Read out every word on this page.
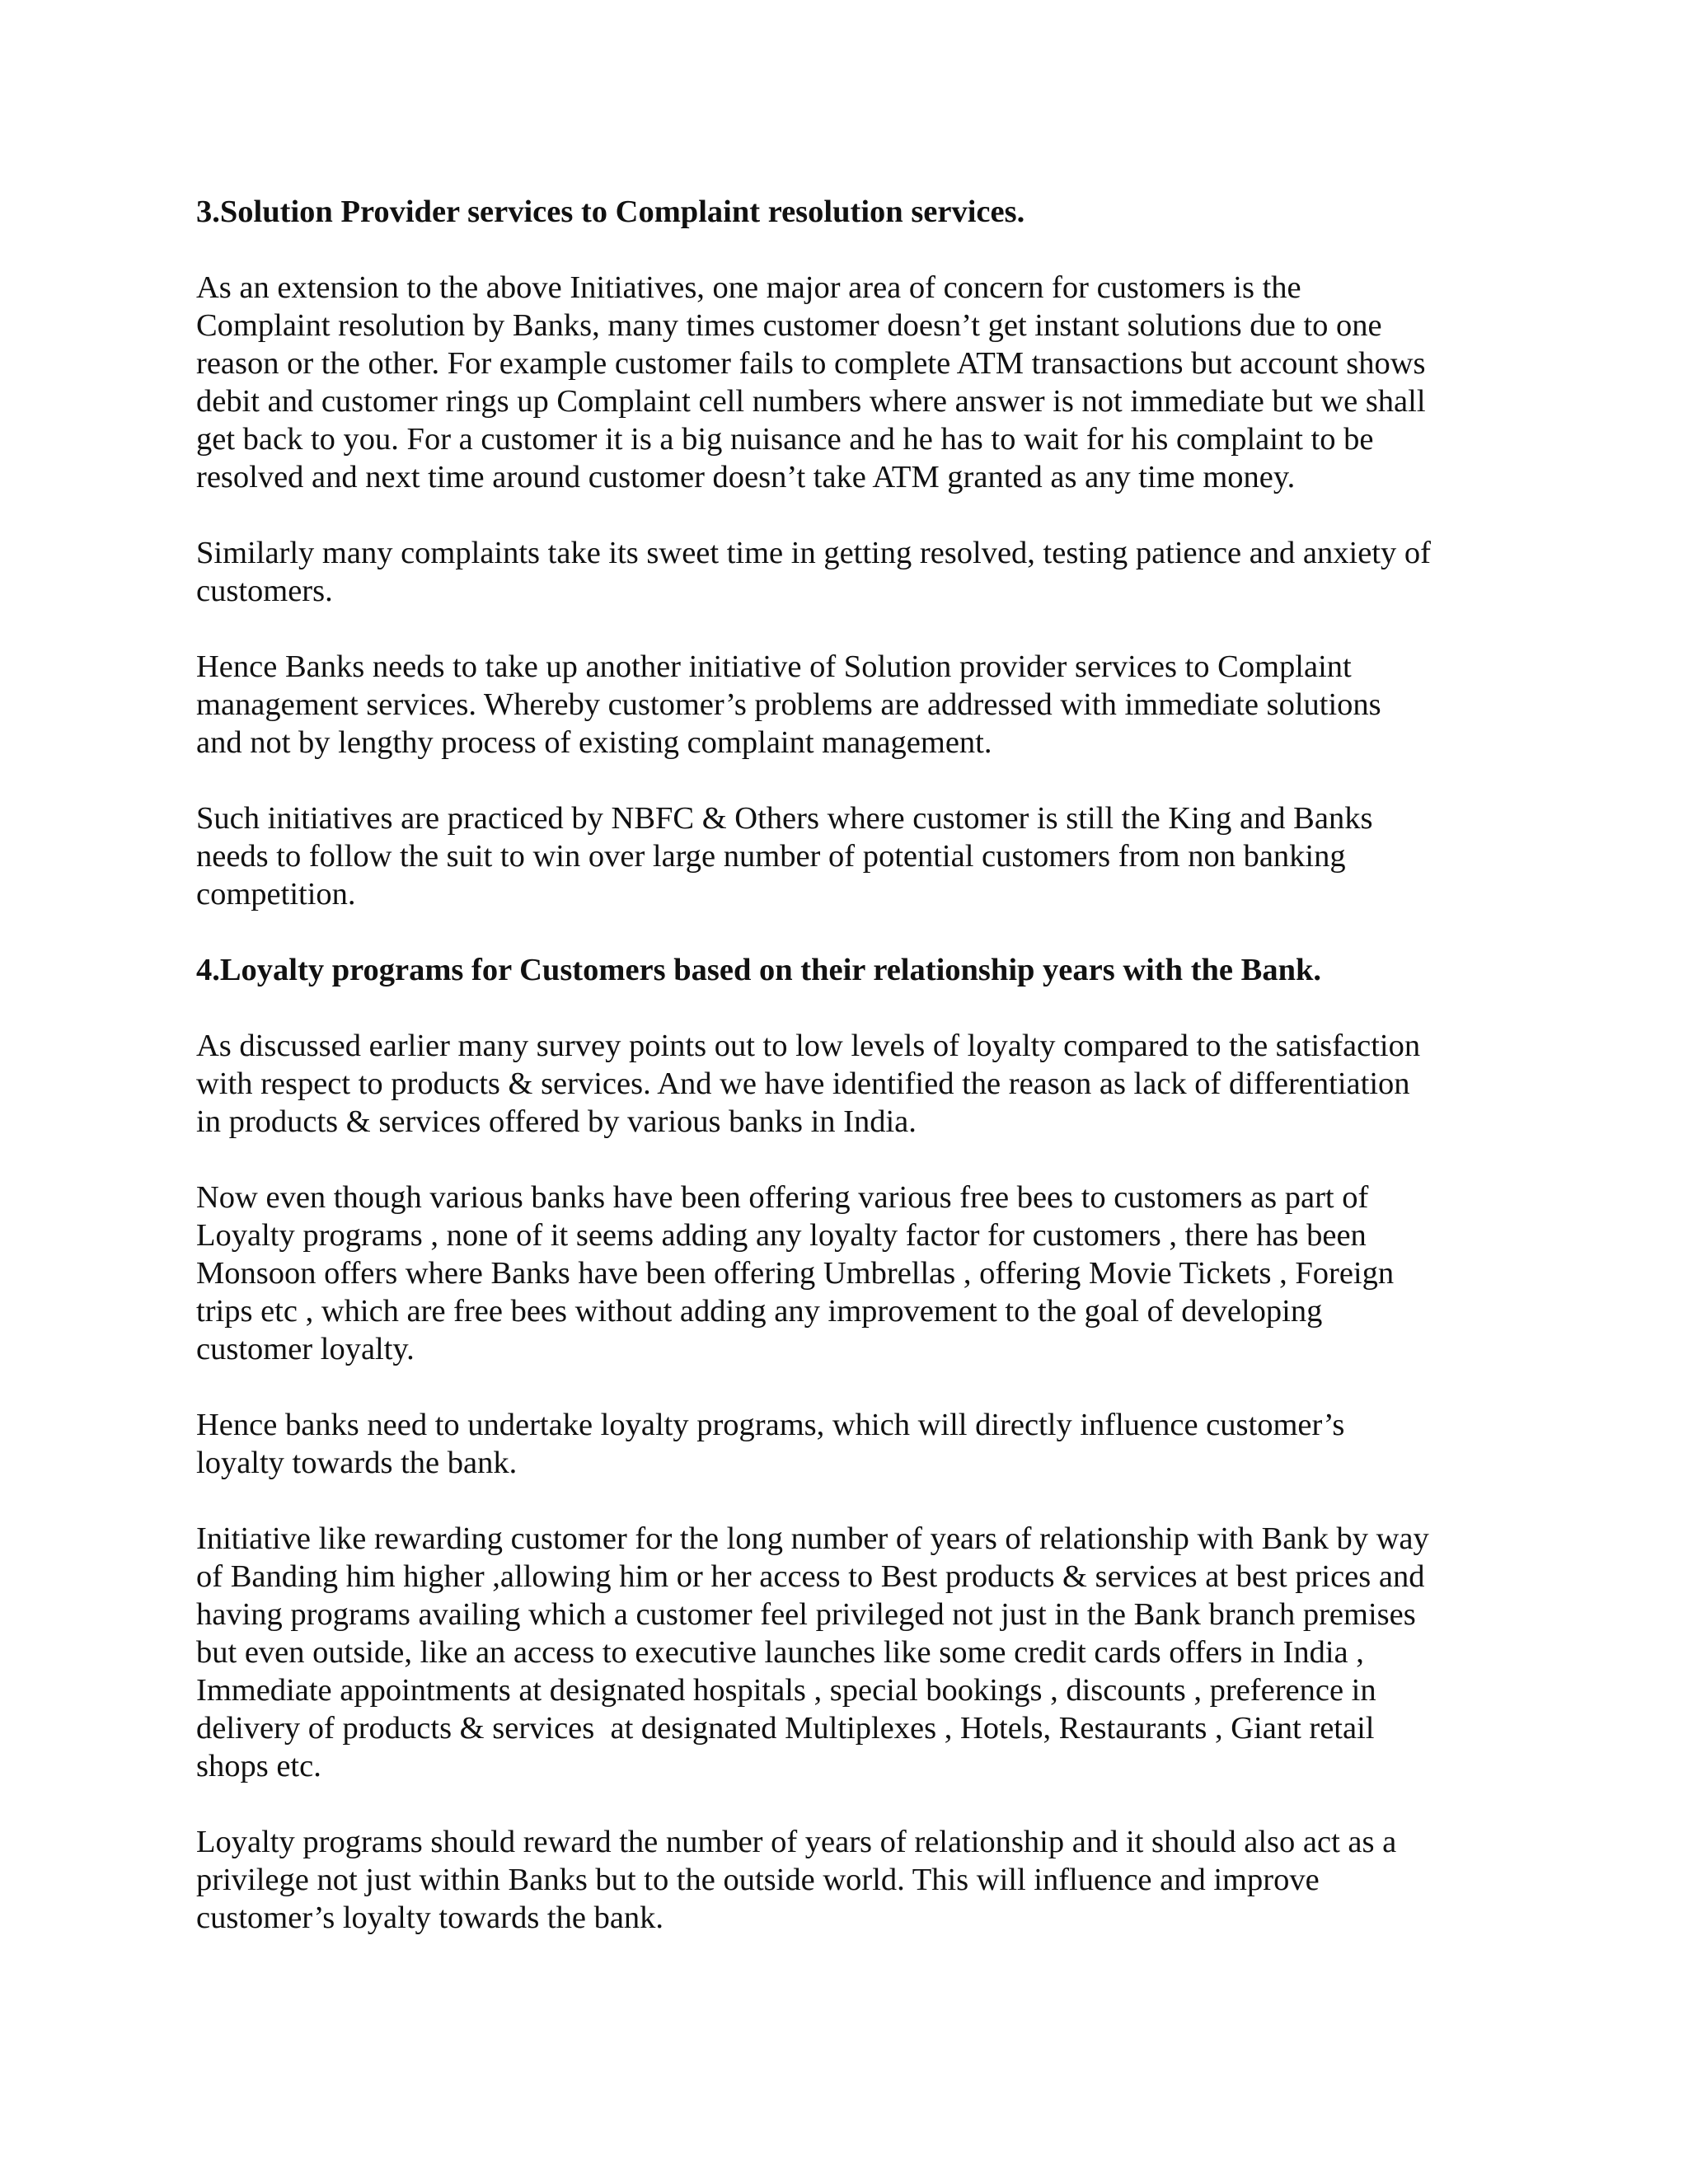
3.Solution Provider services to Complaint resolution services.
As an extension to the above Initiatives, one major area of concern for customers is the
Complaint resolution by Banks, many times customer doesn’t get instant solutions due to one
reason or the other. For example customer fails to complete ATM transactions but account shows
debit and customer rings up Complaint cell numbers where answer is not immediate but we shall
get back to you. For a customer it is a big nuisance and he has to wait for his complaint to be
resolved and next time around customer doesn’t take ATM granted as any time money.
Similarly many complaints take its sweet time in getting resolved, testing patience and anxiety of
customers.
Hence Banks needs to take up another initiative of Solution provider services to Complaint
management services. Whereby customer’s problems are addressed with immediate solutions
and not by lengthy process of existing complaint management.
Such initiatives are practiced by NBFC & Others where customer is still the King and Banks
needs to follow the suit to win over large number of potential customers from non banking
competition.
4.Loyalty programs for Customers based on their relationship years with the Bank.
As discussed earlier many survey points out to low levels of loyalty compared to the satisfaction
with respect to products & services. And we have identified the reason as lack of differentiation
in products & services offered by various banks in India.
Now even though various banks have been offering various free bees to customers as part of
Loyalty programs , none of it seems adding any loyalty factor for customers , there has been
Monsoon offers where Banks have been offering Umbrellas , offering Movie Tickets , Foreign
trips etc , which are free bees without adding any improvement to the goal of developing
customer loyalty.
Hence banks need to undertake loyalty programs, which will directly influence customer’s
loyalty towards the bank.
Initiative like rewarding customer for the long number of years of relationship with Bank by way
of Banding him higher ,allowing him or her access to Best products & services at best prices and
having programs availing which a customer feel privileged not just in the Bank branch premises
but even outside, like an access to executive launches like some credit cards offers in India ,
Immediate appointments at designated hospitals , special bookings , discounts , preference in
delivery of products & services  at designated Multiplexes , Hotels, Restaurants , Giant retail
shops etc.
Loyalty programs should reward the number of years of relationship and it should also act as a
privilege not just within Banks but to the outside world. This will influence and improve
customer’s loyalty towards the bank.
